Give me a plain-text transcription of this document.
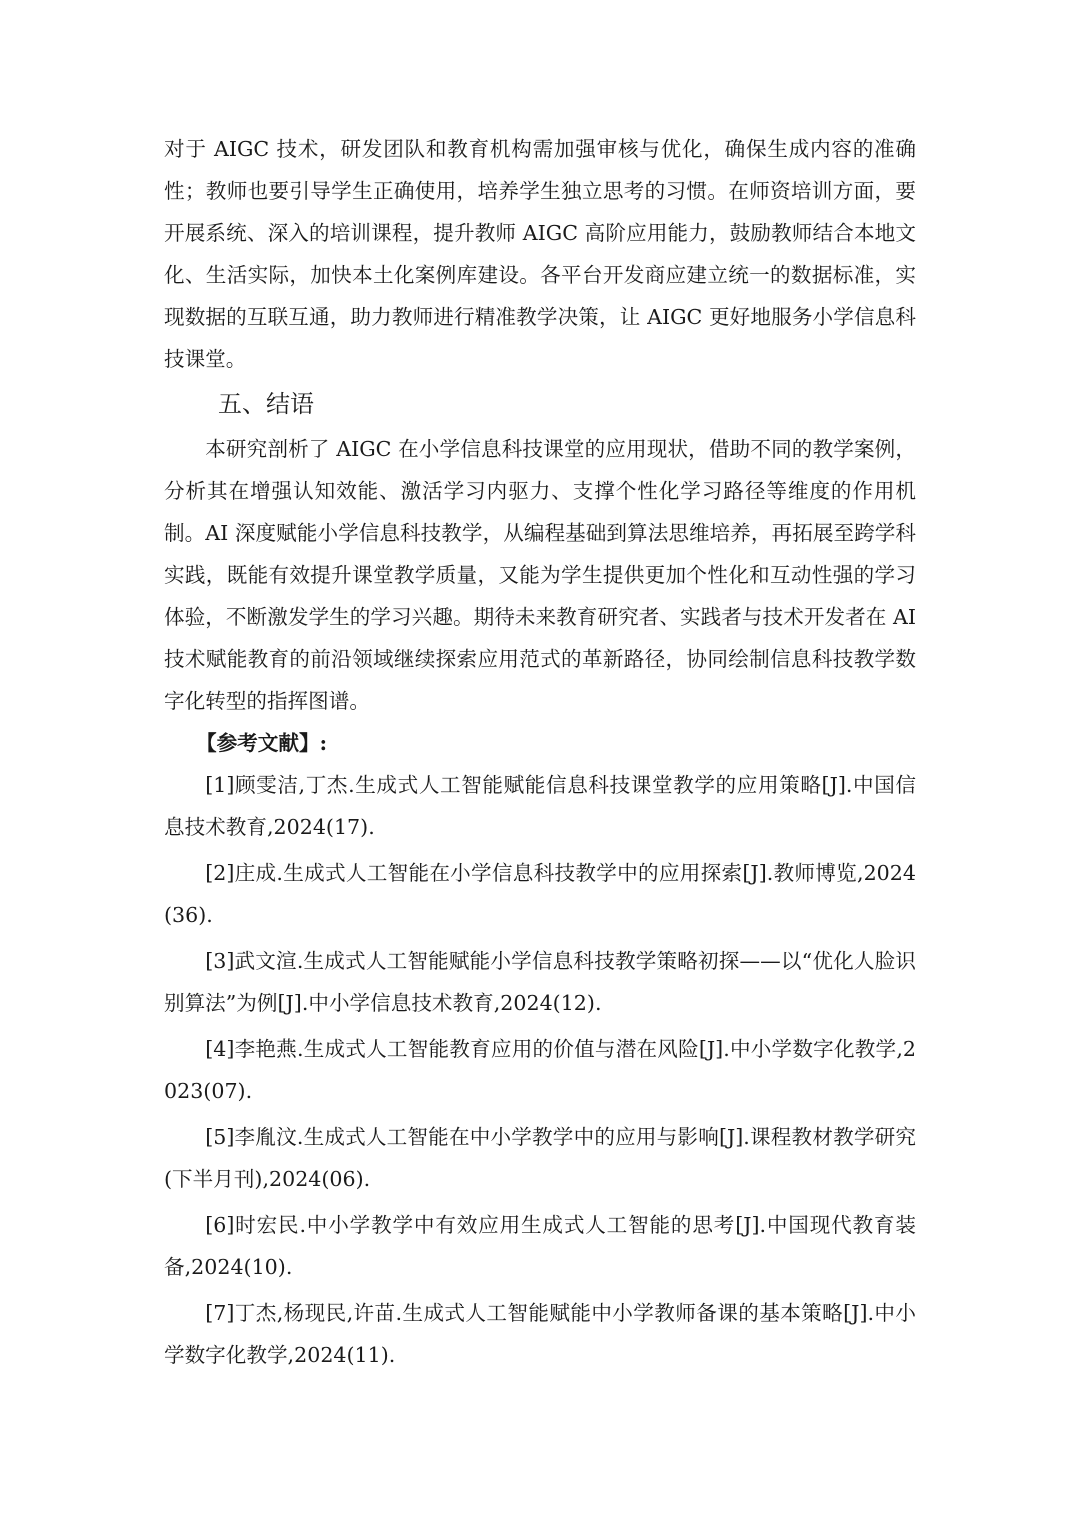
对于 AIGC 技术，研发团队和教育机构需加强审核与优化，确保生成内容的准确性；教师也要引导学生正确使用，培养学生独立思考的习惯。在师资培训方面，要开展系统、深入的培训课程，提升教师 AIGC 高阶应用能力，鼓励教师结合本地文化、生活实际，加快本土化案例库建设。各平台开发商应建立统一的数据标准，实现数据的互联互通，助力教师进行精准教学决策，让 AIGC 更好地服务小学信息科技课堂。

五、结语

本研究剖析了 AIGC 在小学信息科技课堂的应用现状，借助不同的教学案例，分析其在增强认知效能、激活学习内驱力、支撑个性化学习路径等维度的作用机制。AI 深度赋能小学信息科技教学，从编程基础到算法思维培养，再拓展至跨学科实践，既能有效提升课堂教学质量，又能为学生提供更加个性化和互动性强的学习体验，不断激发学生的学习兴趣。期待未来教育研究者、实践者与技术开发者在 AI 技术赋能教育的前沿领域继续探索应用范式的革新路径，协同绘制信息科技教学数字化转型的指挥图谱。

【参考文献】:

[1]顾雯洁,丁杰.生成式人工智能赋能信息科技课堂教学的应用策略[J].中国信息技术教育,2024(17).

[2]庄成.生成式人工智能在小学信息科技教学中的应用探索[J].教师博览,2024(36).

[3]武文渲.生成式人工智能赋能小学信息科技教学策略初探——以“优化人脸识别算法”为例[J].中小学信息技术教育,2024(12).

[4]李艳燕.生成式人工智能教育应用的价值与潜在风险[J].中小学数字化教学,2023(07).

[5]李胤汶.生成式人工智能在中小学教学中的应用与影响[J].课程教材教学研究(下半月刊),2024(06).

[6]时宏民.中小学教学中有效应用生成式人工智能的思考[J].中国现代教育装备,2024(10).

[7]丁杰,杨现民,许苗.生成式人工智能赋能中小学教师备课的基本策略[J].中小学数字化教学,2024(11).
